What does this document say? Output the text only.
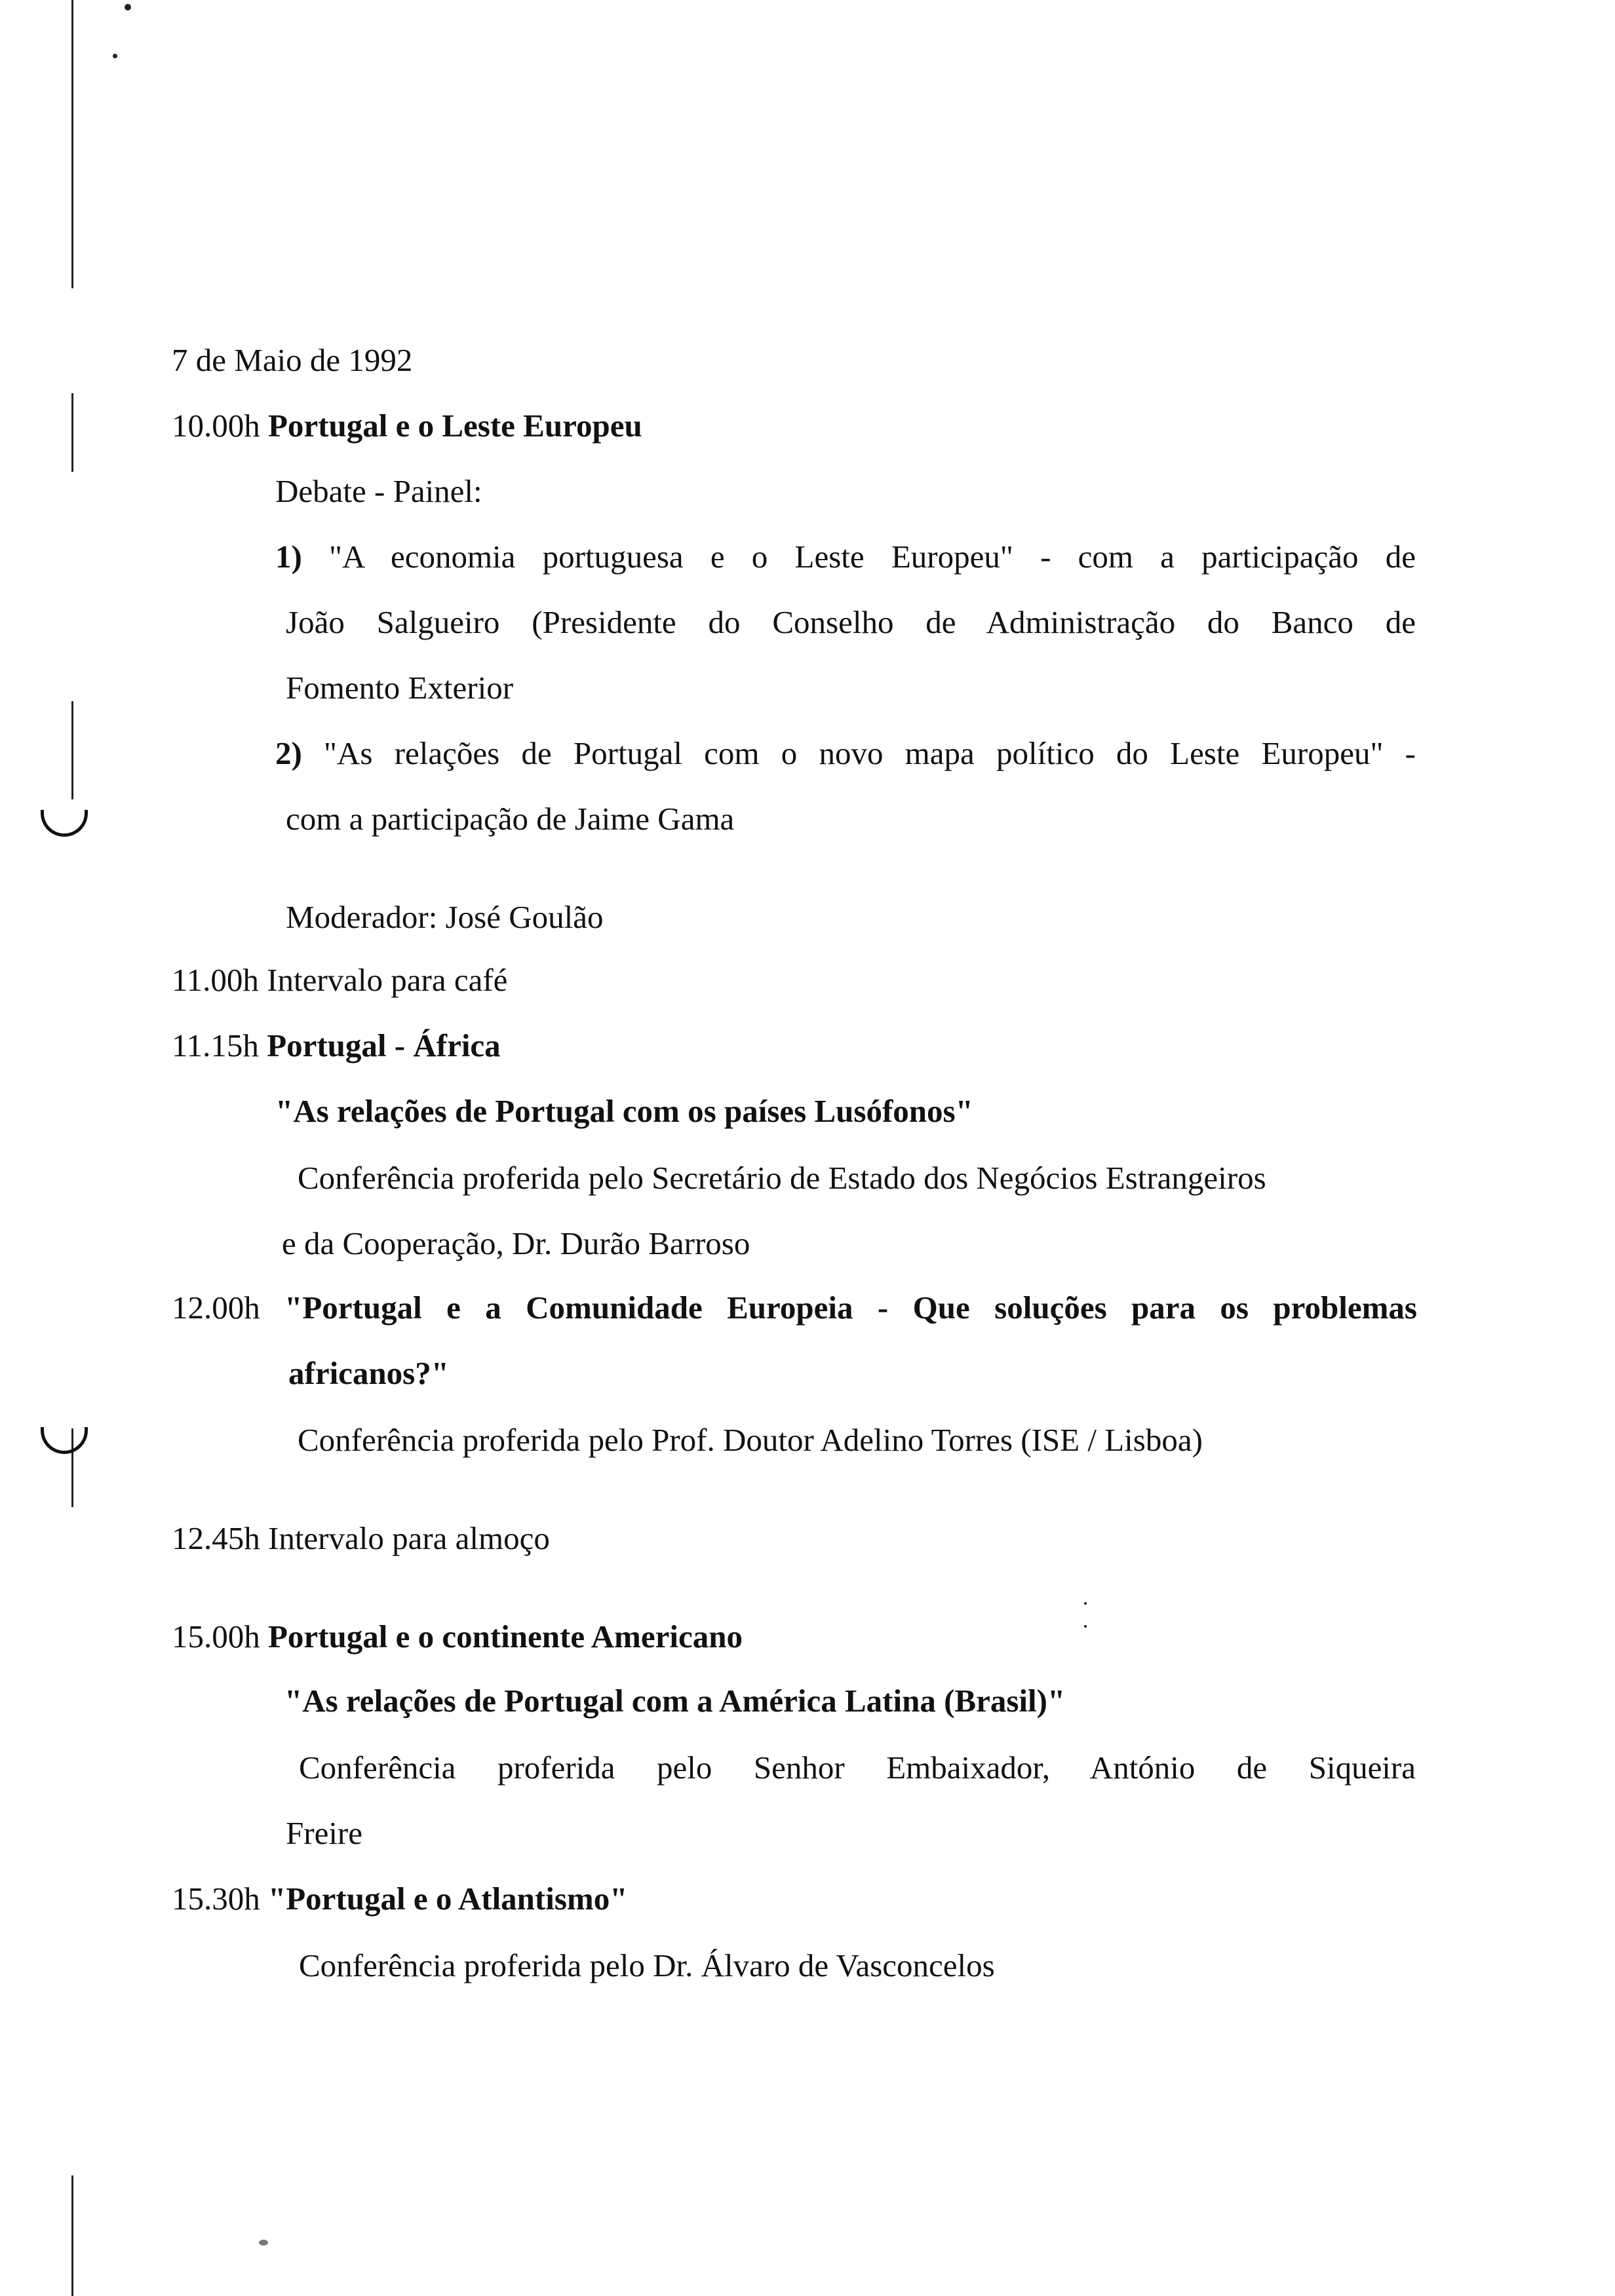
7 de Maio de 1992
10.00h Portugal e o Leste Europeu
Debate - Painel:
1) "A economia portuguesa e o Leste Europeu" - com a participação de
João Salgueiro (Presidente do Conselho de Administração do Banco de
Fomento Exterior
2) "As relações de Portugal com o novo mapa político do Leste Europeu" -
com a participação de Jaime Gama
Moderador: José Goulão
11.00h Intervalo para café
11.15h Portugal - África
"As relações de Portugal com os países Lusófonos"
Conferência proferida pelo Secretário de Estado dos Negócios Estrangeiros
e da Cooperação, Dr. Durão Barroso
12.00h "Portugal e a Comunidade Europeia - Que soluções para os problemas
africanos?"
Conferência proferida pelo Prof. Doutor Adelino Torres (ISE / Lisboa)
12.45h Intervalo para almoço
15.00h Portugal e o continente Americano
"As relações de Portugal com a América Latina (Brasil)"
Conferência proferida pelo Senhor Embaixador, António de Siqueira
Freire
15.30h "Portugal e o Atlantismo"
Conferência proferida pelo Dr. Álvaro de Vasconcelos
